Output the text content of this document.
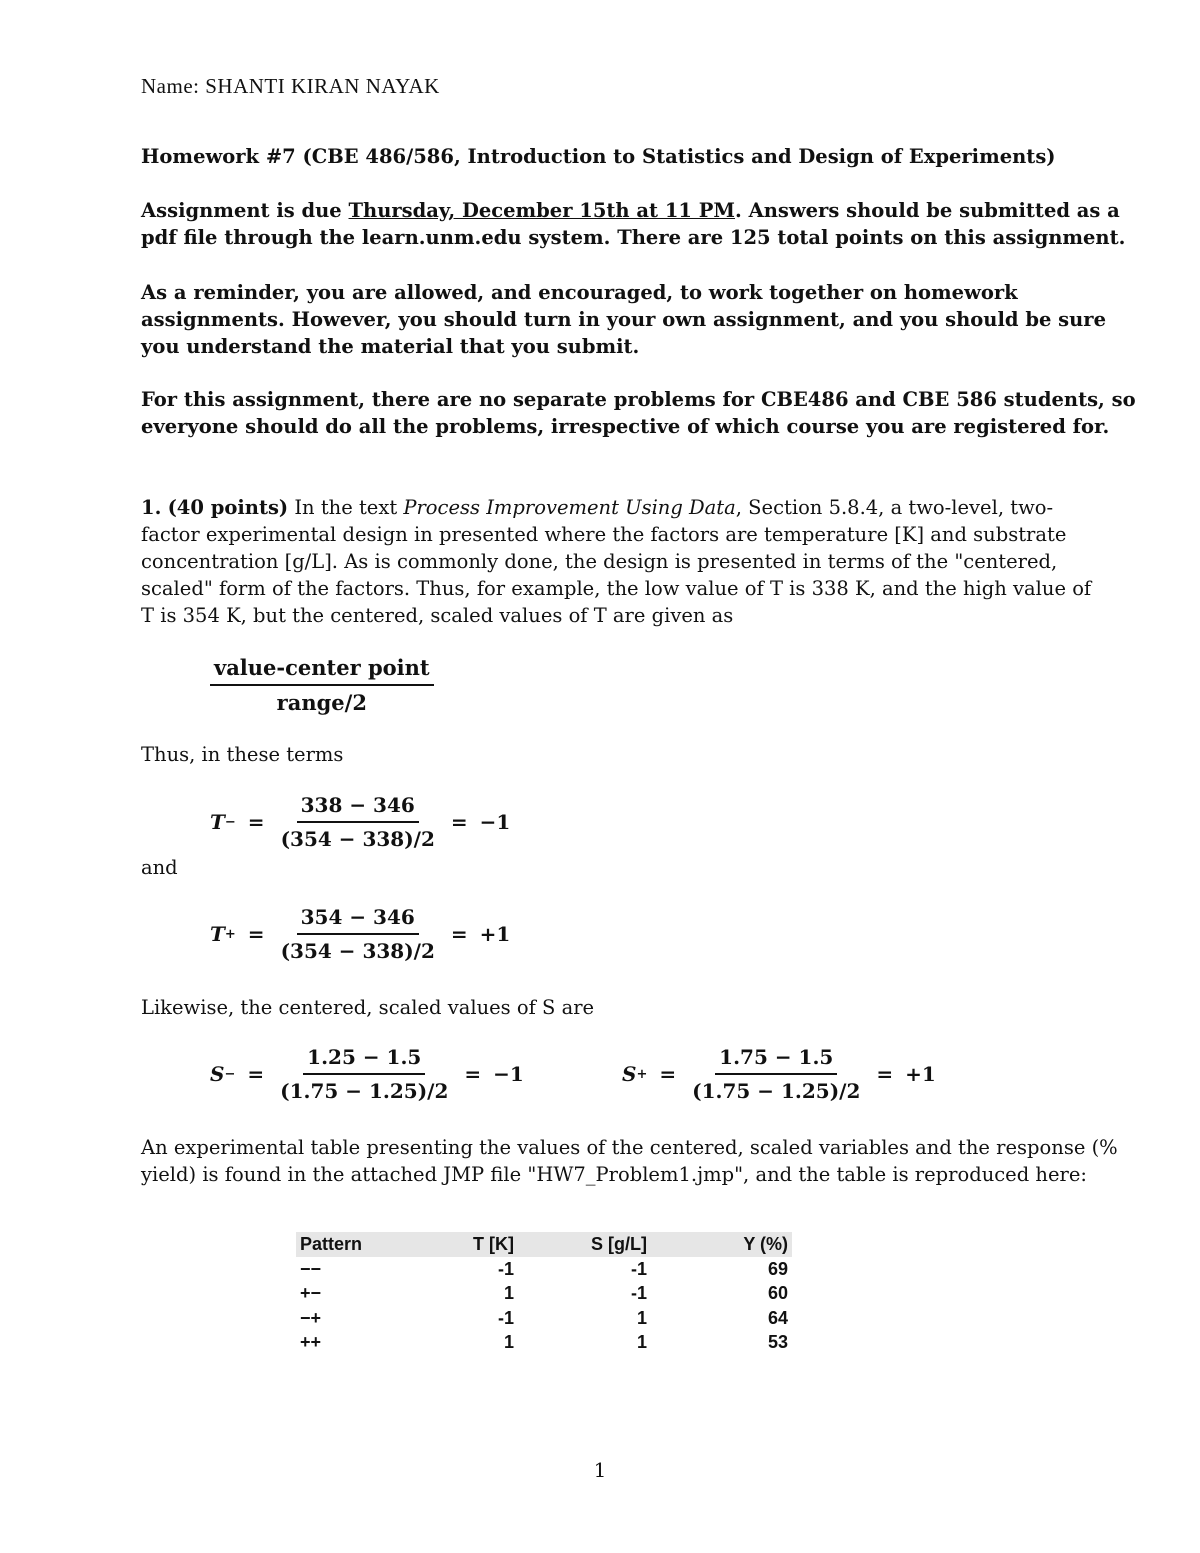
Name: SHANTI KIRAN NAYAK
Homework #7 (CBE 486/586, Introduction to Statistics and Design of Experiments)
Assignment is due Thursday, December 15th at 11 PM. Answers should be submitted as a
pdf file through the learn.unm.edu system. There are 125 total points on this assignment.
As a reminder, you are allowed, and encouraged, to work together on homework
assignments. However, you should turn in your own assignment, and you should be sure
you understand the material that you submit.
For this assignment, there are no separate problems for CBE486 and CBE 586 students, so
everyone should do all the problems, irrespective of which course you are registered for.
1. (40 points) In the text Process Improvement Using Data, Section 5.8.4, a two-level, two-
factor experimental design in presented where the factors are temperature [K] and substrate
concentration [g/L]. As is commonly done, the design is presented in terms of the "centered,
scaled" form of the factors. Thus, for example, the low value of T is 338 K, and the high value of
T is 354 K, but the centered, scaled values of T are given as
$\frac{\text{value-center point}}{\text{range/2}}$
Thus, in these terms
T − = $\frac{338 - 346}{(354 - 338)/2} = -1$
and
T + = $\frac{354 - 346}{(354 - 338)/2} = +1$
Likewise, the centered, scaled values of S are
S − = $\frac{1.25 - 1.5}{(1.75 - 1.25)/2} = -1$	S + = $\frac{1.75 - 1.5}{(1.75 - 1.25)/2} = +1$
An experimental table presenting the values of the centered, scaled variables and the response (%
yield) is found in the attached JMP file "HW7_Problem1.jmp", and the table is reproduced here:
Pattern	T [K]	S [g/L]	Y (%)
−−	-1	-1	69
+−	1	-1	60
−+	-1	1	64
++	1	1	53
1
